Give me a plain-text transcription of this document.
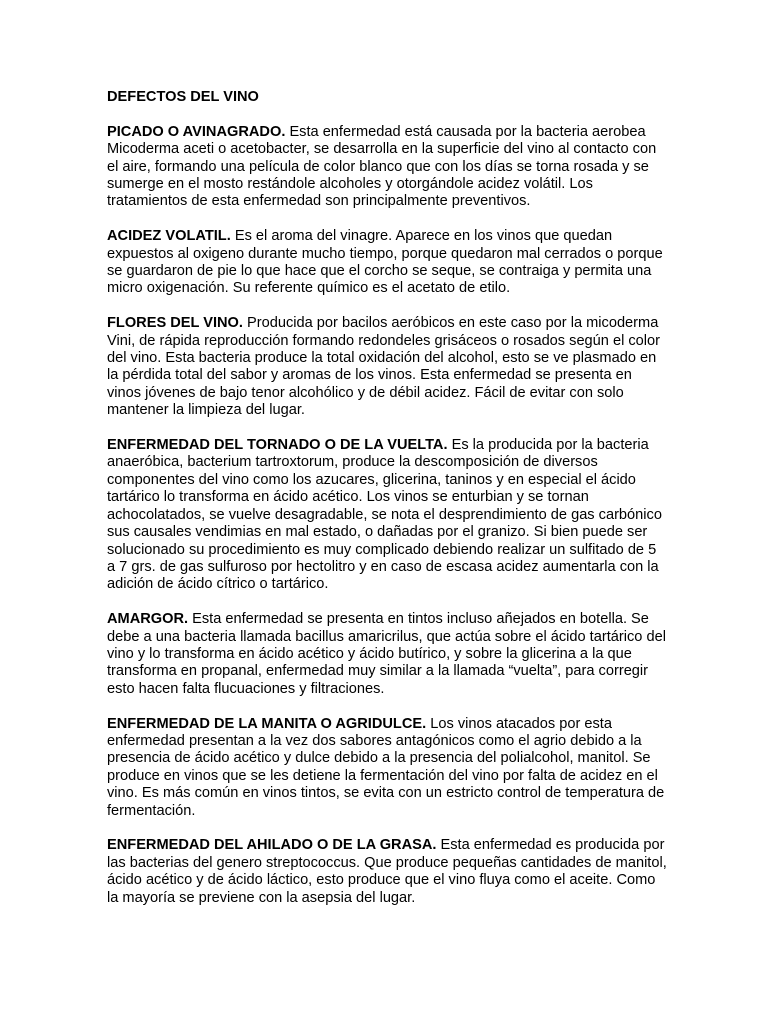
DEFECTOS DEL VINO

PICADO O AVINAGRADO. Esta enfermedad está causada por la bacteria aerobea Micoderma aceti o acetobacter, se desarrolla en la superficie del vino al contacto con el aire, formando una película de color blanco que con los días se torna rosada y se sumerge en el mosto restándole alcoholes y otorgándole acidez volátil. Los tratamientos de esta enfermedad son principalmente preventivos.

ACIDEZ VOLATIL. Es el aroma del vinagre. Aparece en los vinos que quedan expuestos al oxigeno durante mucho tiempo, porque quedaron mal cerrados o porque se guardaron de pie lo que hace que el corcho se seque, se contraiga y permita una micro oxigenación. Su referente químico es el acetato de etilo.

FLORES DEL VINO. Producida por bacilos aeróbicos en este caso por la micoderma Vini, de rápida reproducción formando redondeles grisáceos o rosados según el color del vino. Esta bacteria produce la total oxidación del alcohol, esto se ve plasmado en la pérdida total del sabor y aromas de los vinos. Esta enfermedad se presenta en vinos jóvenes de bajo tenor alcohólico y de débil acidez. Fácil de evitar con solo mantener la limpieza del lugar.

ENFERMEDAD DEL TORNADO O DE LA VUELTA. Es la producida por la bacteria anaeróbica, bacterium tartroxtorum, produce la descomposición de diversos componentes del vino como los azucares, glicerina, taninos y en especial el ácido tartárico lo transforma en ácido acético. Los vinos se enturbian y se tornan achocolatados, se vuelve desagradable, se nota el desprendimiento de gas carbónico sus causales vendimias en mal estado, o dañadas por el granizo. Si bien puede ser solucionado su procedimiento es muy complicado debiendo realizar un sulfitado de 5 a 7 grs. de gas sulfuroso por hectolitro y en caso de escasa acidez aumentarla con la adición de ácido cítrico o tartárico.

AMARGOR. Esta enfermedad se presenta en tintos incluso añejados en botella. Se debe a una bacteria llamada bacillus amaricrilus, que actúa sobre el ácido tartárico del vino y lo transforma en ácido acético y ácido butírico, y sobre la glicerina a la que transforma en propanal, enfermedad muy similar a la llamada “vuelta”, para corregir esto hacen falta flucuaciones y filtraciones.

ENFERMEDAD DE LA MANITA O AGRIDULCE. Los vinos atacados por esta enfermedad presentan a la vez dos sabores antagónicos como el agrio debido a la presencia de ácido acético y dulce debido a la presencia del polialcohol, manitol. Se produce en vinos que se les detiene la fermentación del vino por falta de acidez en el vino. Es más común en vinos tintos, se evita con un estricto control de temperatura de fermentación.

ENFERMEDAD DEL AHILADO O DE LA GRASA. Esta enfermedad es producida por las bacterias del genero streptococcus. Que produce pequeñas cantidades de manitol, ácido acético y de ácido láctico, esto produce que el vino fluya como el aceite. Como la mayoría se previene con la asepsia del lugar.
